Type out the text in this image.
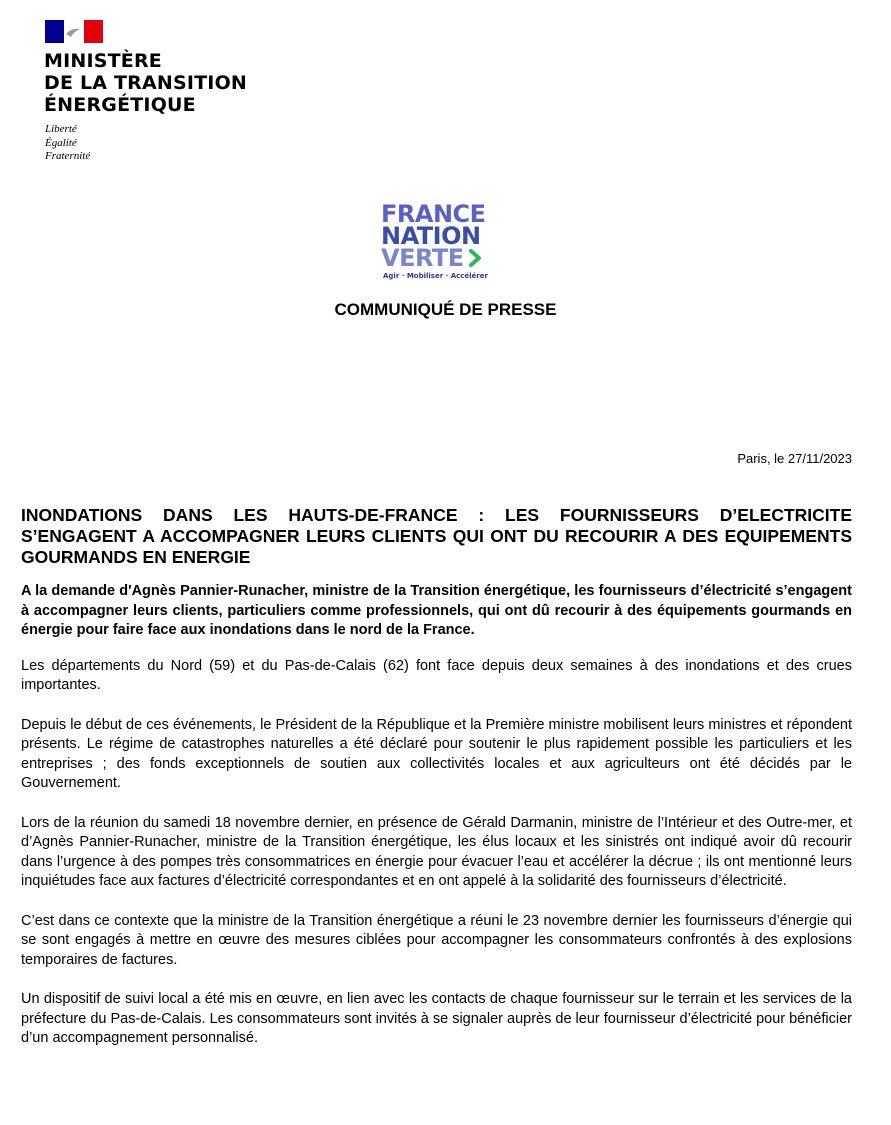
MINISTÈRE
DE LA TRANSITION
ÉNERGÉTIQUE
Liberté
Égalité
Fraternité
FRANCE
NATION
VERTE
Agir · Mobiliser · Accélérer
COMMUNIQUÉ DE PRESSE
Paris, le 27/11/2023

INONDATIONS DANS LES HAUTS-DE-FRANCE : LES FOURNISSEURS D’ELECTRICITE S’ENGAGENT A ACCOMPAGNER LEURS CLIENTS QUI ONT DU RECOURIR A DES EQUIPEMENTS GOURMANDS EN ENERGIE

A la demande d'Agnès Pannier-Runacher, ministre de la Transition énergétique, les fournisseurs d’électricité s’engagent à accompagner leurs clients, particuliers comme professionnels, qui ont dû recourir à des équipements gourmands en énergie pour faire face aux inondations dans le nord de la France.

Les départements du Nord (59) et du Pas-de-Calais (62) font face depuis deux semaines à des inondations et des crues importantes.

Depuis le début de ces événements, le Président de la République et la Première ministre mobilisent leurs ministres et répondent présents. Le régime de catastrophes naturelles a été déclaré pour soutenir le plus rapidement possible les particuliers et les entreprises ; des fonds exceptionnels de soutien aux collectivités locales et aux agriculteurs ont été décidés par le Gouvernement.

Lors de la réunion du samedi 18 novembre dernier, en présence de Gérald Darmanin, ministre de l’Intérieur et des Outre-mer, et d’Agnès Pannier-Runacher, ministre de la Transition énergétique, les élus locaux et les sinistrés ont indiqué avoir dû recourir dans l’urgence à des pompes très consommatrices en énergie pour évacuer l’eau et accélérer la décrue ; ils ont mentionné leurs inquiétudes face aux factures d’électricité correspondantes et en ont appelé à la solidarité des fournisseurs d’électricité.

C’est dans ce contexte que la ministre de la Transition énergétique a réuni le 23 novembre dernier les fournisseurs d’énergie qui se sont engagés à mettre en œuvre des mesures ciblées pour accompagner les consommateurs confrontés à des explosions temporaires de factures.

Un dispositif de suivi local a été mis en œuvre, en lien avec les contacts de chaque fournisseur sur le terrain et les services de la préfecture du Pas-de-Calais. Les consommateurs sont invités à se signaler auprès de leur fournisseur d’électricité pour bénéficier d’un accompagnement personnalisé.
